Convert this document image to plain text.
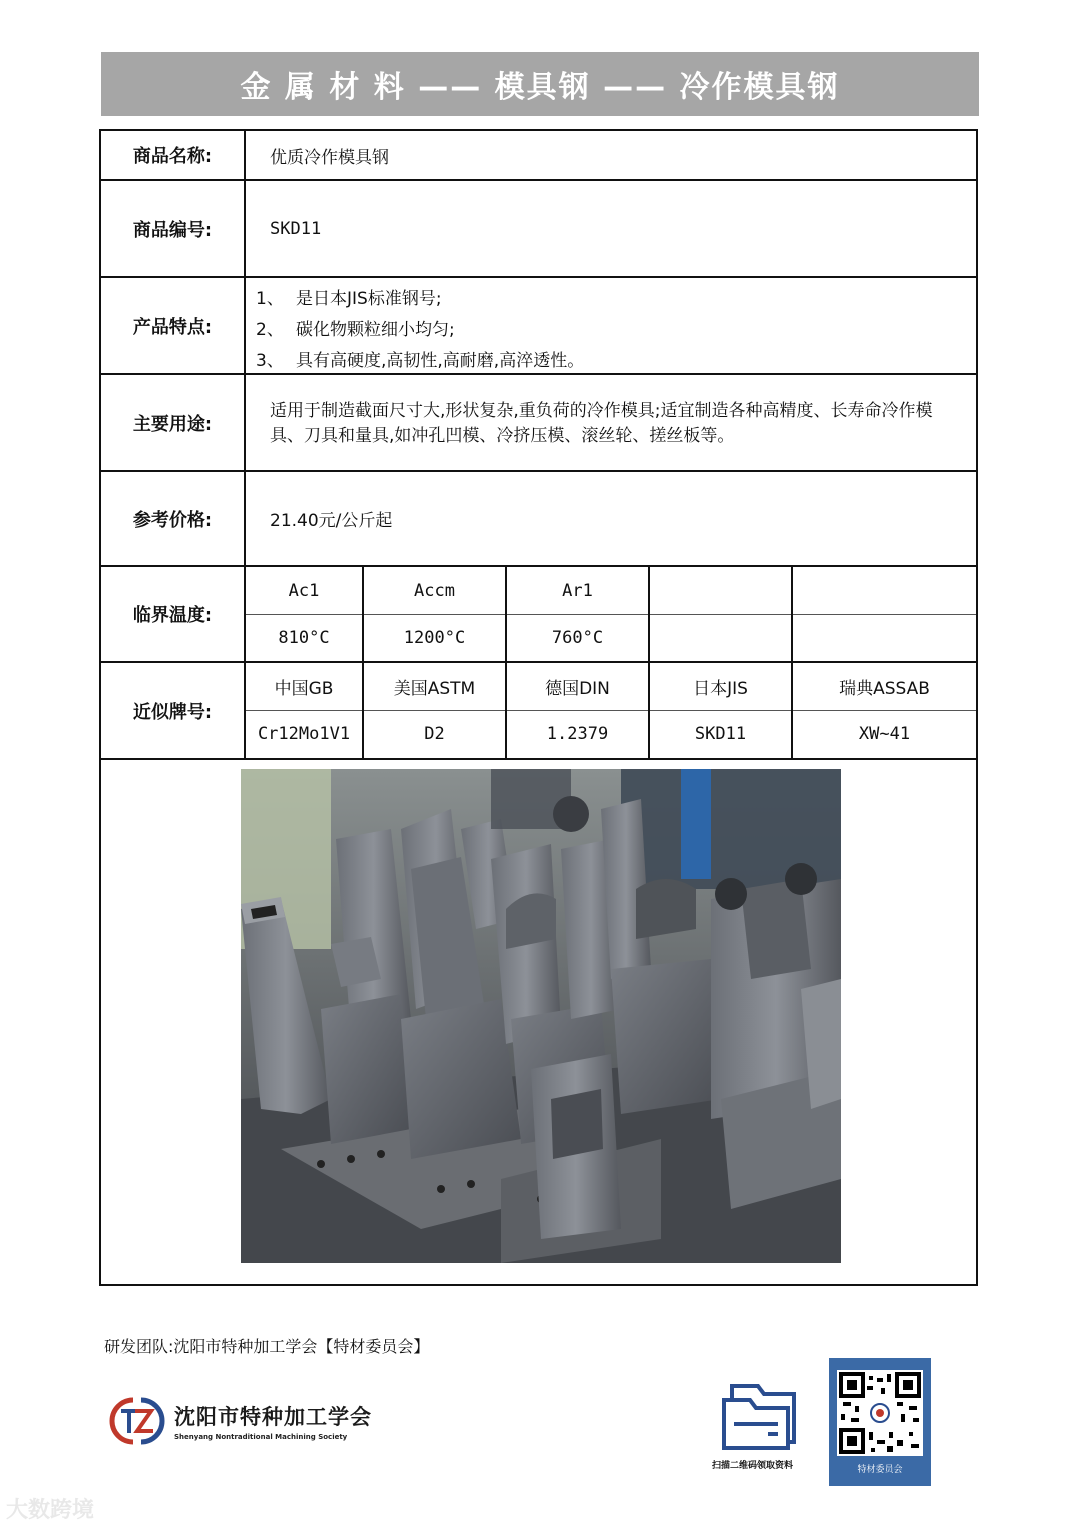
金 属 材 料 —— 模具钢 —— 冷作模具钢
商品名称:	优质冷作模具钢
商品编号:	SKD11
产品特点:
1、 是日本JIS标准钢号;
2、 碳化物颗粒细小均匀;
3、 具有高硬度,高韧性,高耐磨,高淬透性。
主要用途:
适用于制造截面尺寸大,形状复杂,重负荷的冷作模具;适宜制造各种高精度、长寿命冷作模具、刀具和量具,如冲孔凹模、冷挤压模、滚丝轮、搓丝板等。
参考价格:	21.40元/公斤起
临界温度:
Ac1	Accm	Ar1
810°C	1200°C	760°C
近似牌号:
中国GB	美国ASTM	德国DIN	日本JIS	瑞典ASSAB
Cr12Mo1V1	D2	1.2379	SKD11	XW~41
研发团队:沈阳市特种加工学会【特材委员会】
沈阳市特种加工学会
Shenyang Nontraditional Machining Society
扫描二维码领取资料	特材委员会
大数跨境
